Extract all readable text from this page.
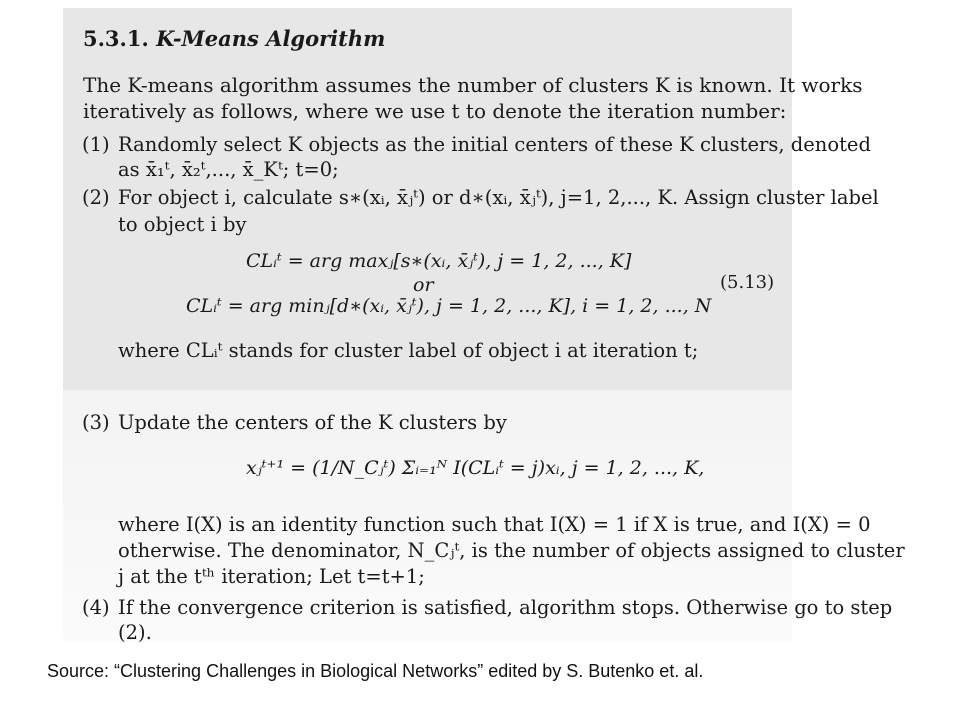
5.3.1. K-Means Algorithm
The K-means algorithm assumes the number of clusters K is known. It works
iteratively as follows, where we use t to denote the iteration number:
(1) Randomly select K objects as the initial centers of these K clusters, denoted
as x̄₁ᵗ, x̄₂ᵗ,..., x̄_Kᵗ; t=0;
(2) For object i, calculate s∗(xᵢ, x̄ⱼᵗ) or d∗(xᵢ, x̄ⱼᵗ), j=1, 2,..., K. Assign cluster label
to object i by
CLᵢᵗ = arg maxⱼ[s∗(xᵢ, x̄ⱼᵗ), j = 1, 2, ..., K]
or	(5.13)
CLᵢᵗ = arg minⱼ[d∗(xᵢ, x̄ⱼᵗ), j = 1, 2, ..., K], i = 1, 2, ..., N
where CLᵢᵗ stands for cluster label of object i at iteration t;
(3) Update the centers of the K clusters by
xⱼᵗ⁺¹ = (1/N_Cⱼᵗ) Σᵢ₌₁ᴺ I(CLᵢᵗ = j)xᵢ, j = 1, 2, ..., K,
where I(X) is an identity function such that I(X) = 1 if X is true, and I(X) = 0
otherwise. The denominator, N_Cⱼᵗ, is the number of objects assigned to cluster
j at the tᵗʰ iteration; Let t=t+1;
(4) If the convergence criterion is satisfied, algorithm stops. Otherwise go to step
(2).
Source: “Clustering Challenges in Biological Networks” edited by S. Butenko et. al.
